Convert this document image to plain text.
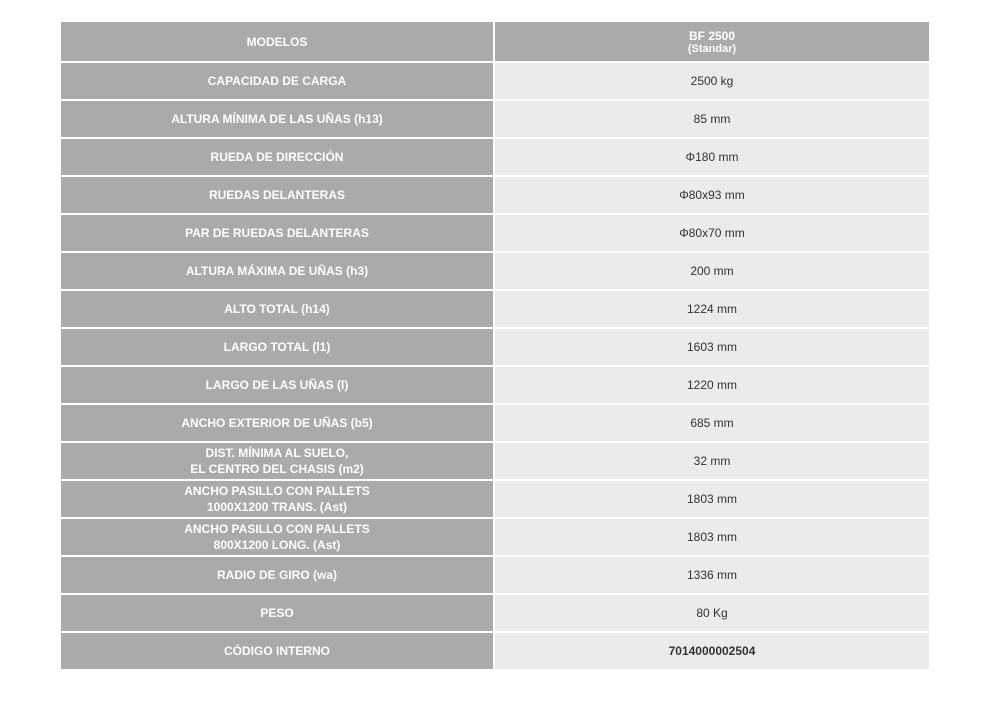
MODELOS	BF 2500
(Standar)

CAPACIDAD DE CARGA	2500 kg

ALTURA MÍNIMA DE LAS UÑAS (h13)	85 mm

RUEDA DE DIRECCIÓN	Φ180 mm

RUEDAS DELANTERAS	Φ80x93 mm

PAR DE RUEDAS DELANTERAS	Φ80x70 mm

ALTURA MÁXIMA DE UÑAS (h3)	200 mm

ALTO TOTAL (h14)	1224 mm

LARGO TOTAL (l1)	1603 mm

LARGO DE LAS UÑAS (l)	1220 mm

ANCHO EXTERIOR DE UÑAS (b5)	685 mm

DIST. MÍNIMA AL SUELO,
EL CENTRO DEL CHASIS (m2)	32 mm

ANCHO PASILLO CON PALLETS
1000X1200 TRANS. (Ast)	1803 mm

ANCHO PASILLO CON PALLETS
800X1200 LONG. (Ast)	1803 mm

RADIO DE GIRO (wa)	1336 mm

PESO	80 Kg

CÓDIGO INTERNO	7014000002504
